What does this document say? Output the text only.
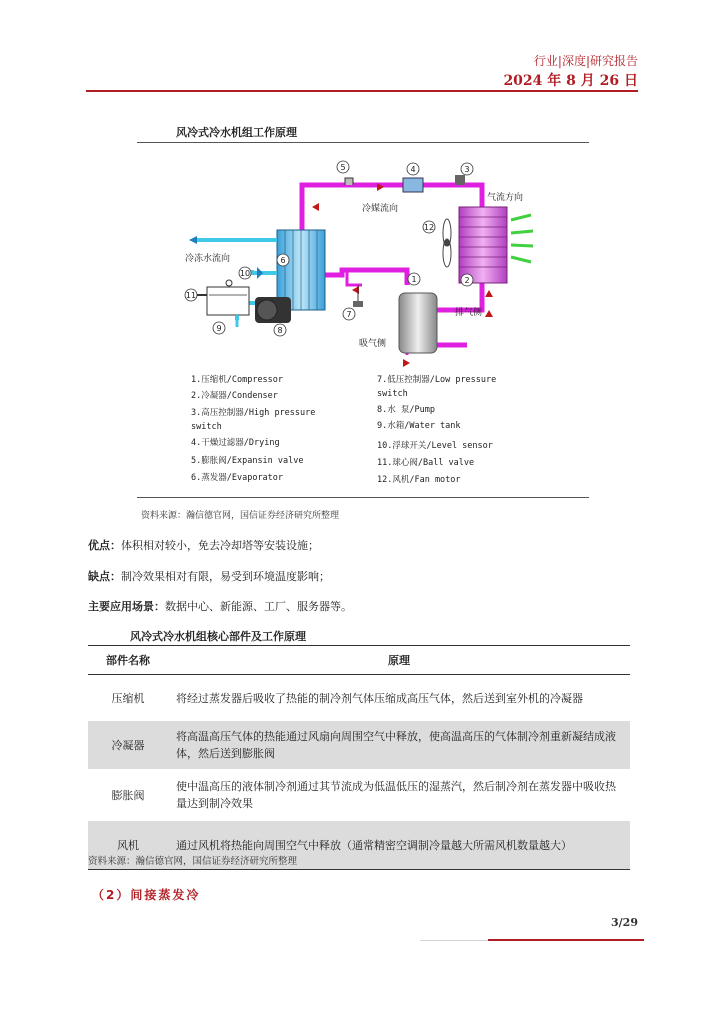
行业|深度|研究报告
2024 年 8 月 26 日
风冷式冷水机组工作原理
冷媒流向
气流方向
冷冻水流向
排气侧
吸气侧
1	2
3
4
5
6
7
8
9
10
11
12
1.压缩机/Compressor
2.冷凝器/Condenser
3.高压控制器/High pressure
switch
4.干燥过滤器/Drying
5.膨胀阀/Expansin valve
6.蒸发器/Evaporator
7.低压控制器/Low pressure
switch
8.水 泵/Pump
9.水箱/Water tank
10.浮球开关/Level sensor
11.球心阀/Ball valve
12.风机/Fan motor
资料来源：瀚信德官网，国信证券经济研究所整理
优点：体积相对较小，免去冷却塔等安装设施；
缺点：制冷效果相对有限，易受到环境温度影响；
主要应用场景：数据中心、新能源、工厂、服务器等。
风冷式冷水机组核心部件及工作原理
部件名称	原理
压缩机	将经过蒸发器后吸收了热能的制冷剂气体压缩成高压气体，然后送到室外机的冷凝器
冷凝器	将高温高压气体的热能通过风扇向周围空气中释放，使高温高压的气体制冷剂重新凝结成液体，然后送到膨胀阀
膨胀阀	使中温高压的液体制冷剂通过其节流成为低温低压的湿蒸汽，然后制冷剂在蒸发器中吸收热量达到制冷效果
风机	通过风机将热能向周围空气中释放（通常精密空调制冷量越大所需风机数量越大）
资料来源：瀚信德官网，国信证券经济研究所整理
（2）间接蒸发冷
3/29
